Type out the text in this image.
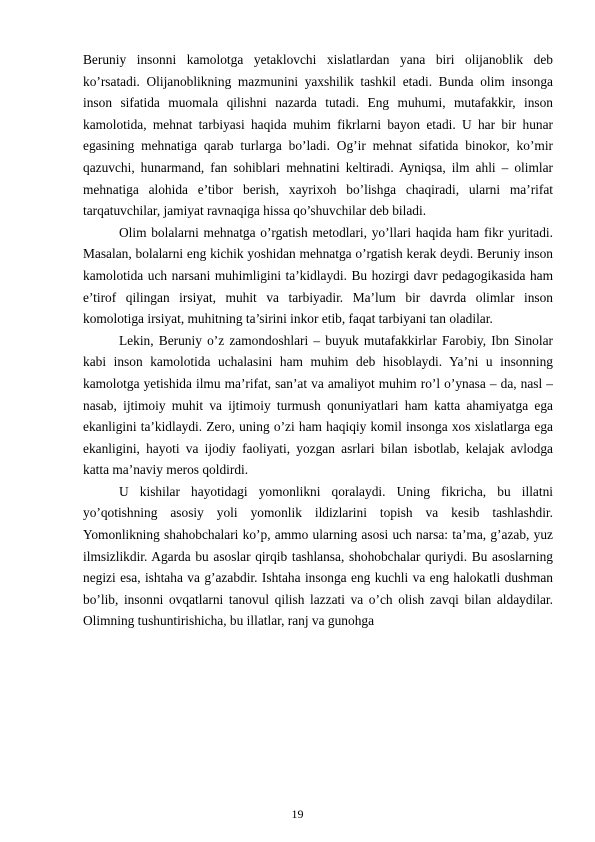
Beruniy insonni kamolotga yetaklovchi xislatlardan yana biri olijanoblik deb ko’rsatadi. Olijanoblikning mazmunini yaxshilik tashkil etadi. Bunda olim insonga inson sifatida muomala qilishni nazarda tutadi. Eng muhumi, mutafakkir, inson kamolotida, mehnat tarbiyasi haqida muhim fikrlarni bayon etadi. U har bir hunar egasining mehnatiga qarab turlarga bo’ladi. Og’ir mehnat sifatida binokor, ko’mir qazuvchi, hunarmand, fan sohiblari mehnatini keltiradi. Ayniqsa, ilm ahli – olimlar mehnatiga alohida e’tibor berish, xayrixoh bo’lishga chaqiradi, ularni ma’rifat tarqatuvchilar, jamiyat ravnaqiga hissa qo’shuvchilar deb biladi.

Olim bolalarni mehnatga o’rgatish metodlari, yo’llari haqida ham fikr yuritadi. Masalan, bolalarni eng kichik yoshidan mehnatga o’rgatish kerak deydi. Beruniy inson kamolotida uch narsani muhimligini ta’kidlaydi. Bu hozirgi davr pedagogikasida ham e’tirof qilingan irsiyat, muhit va tarbiyadir. Ma’lum bir davrda olimlar inson komolotiga irsiyat, muhitning ta’sirini inkor etib, faqat tarbiyani tan oladilar.

Lekin, Beruniy o’z zamondoshlari – buyuk mutafakkirlar Farobiy, Ibn Sinolar kabi inson kamolotida uchalasini ham muhim deb hisoblaydi. Ya’ni u insonning kamolotga yetishida ilmu ma’rifat, san’at va amaliyot muhim ro’l o’ynasa – da, nasl – nasab, ijtimoiy muhit va ijtimoiy turmush qonuniyatlari ham katta ahamiyatga ega ekanligini ta’kidlaydi. Zero, uning o’zi ham haqiqiy komil insonga xos xislatlarga ega ekanligini, hayoti va ijodiy faoliyati, yozgan asrlari bilan isbotlab, kelajak avlodga katta ma’naviy meros qoldirdi.

U kishilar hayotidagi yomonlikni qoralaydi. Uning fikricha, bu illatni yo’qotishning asosiy yoli yomonlik ildizlarini topish va kesib tashlashdir. Yomonlikning shahobchalari ko’p, ammo ularning asosi uch narsa: ta’ma, g’azab, yuz ilmsizlikdir. Agarda bu asoslar qirqib tashlansa, shohobchalar quriydi. Bu asoslarning negizi esa, ishtaha va g’azabdir. Ishtaha insonga eng kuchli va eng halokatli dushman bo’lib, insonni ovqatlarni tanovul qilish lazzati va o’ch olish zavqi bilan aldaydilar. Olimning tushuntirishicha, bu illatlar, ranj va gunohga

19
